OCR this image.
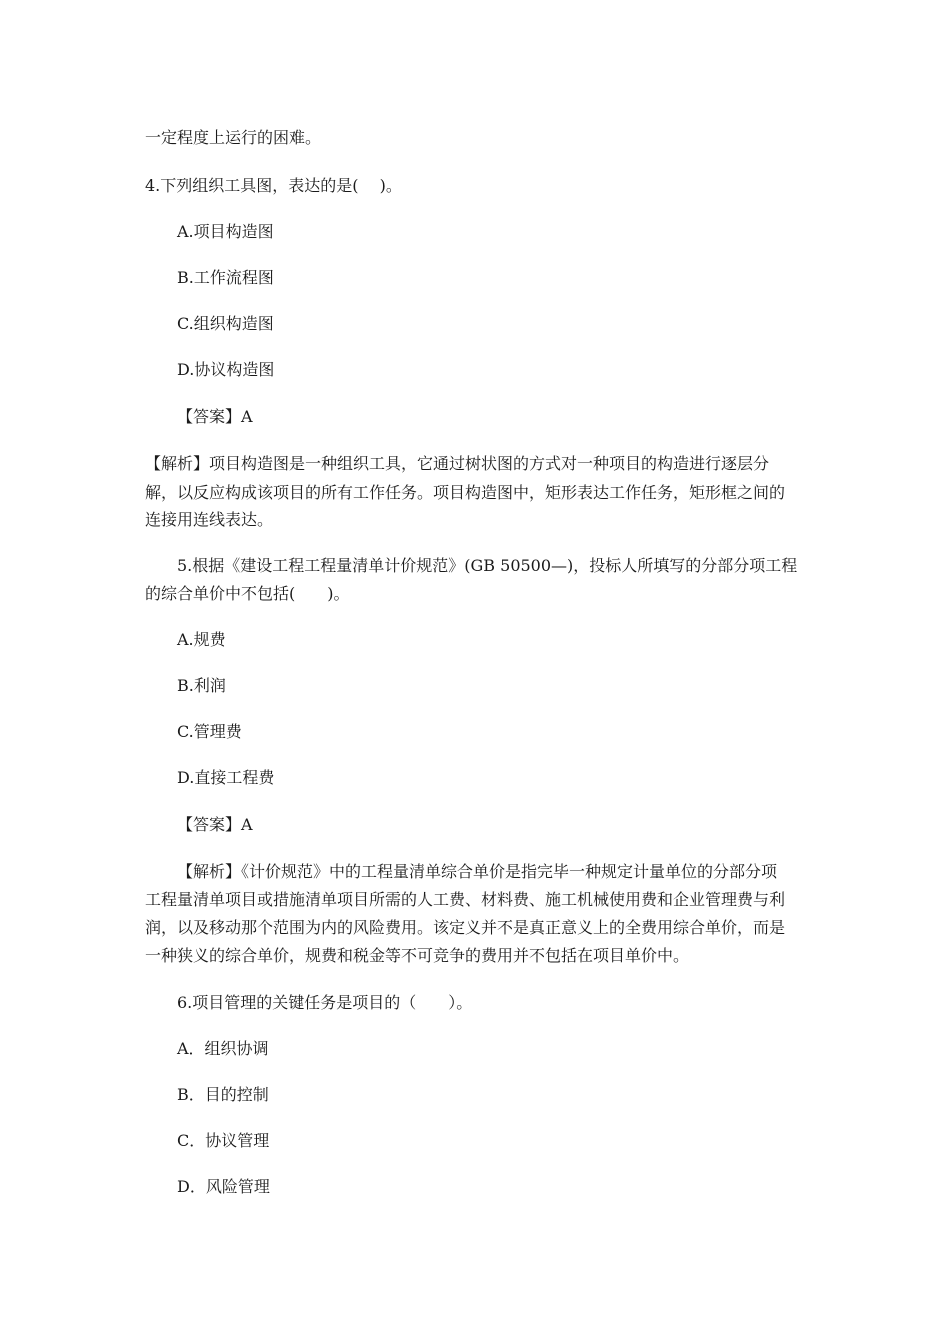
一定程度上运行的困难。
4.下列组织工具图，表达的是(　 )。
A.项目构造图
B.工作流程图
C.组织构造图
D.协议构造图
【答案】A
【解析】项目构造图是一种组织工具，它通过树状图的方式对一种项目的构造进行逐层分
解，以反应构成该项目的所有工作任务。项目构造图中，矩形表达工作任务，矩形框之间的
连接用连线表达。
5.根据《建设工程工程量清单计价规范》(GB 50500—)，投标人所填写的分部分项工程
的综合单价中不包括(　　)。
A.规费
B.利润
C.管理费
D.直接工程费
【答案】A
【解析】《计价规范》中的工程量清单综合单价是指完毕一种规定计量单位的分部分项
工程量清单项目或措施清单项目所需的人工费、材料费、施工机械使用费和企业管理费与利
润，以及移动那个范围为内的风险费用。该定义并不是真正意义上的全费用综合单价，而是
一种狭义的综合单价，规费和税金等不可竞争的费用并不包括在项目单价中。
6.项目管理的关键任务是项目的（　　）。
A．组织协调
B．目的控制
C．协议管理
D．风险管理
